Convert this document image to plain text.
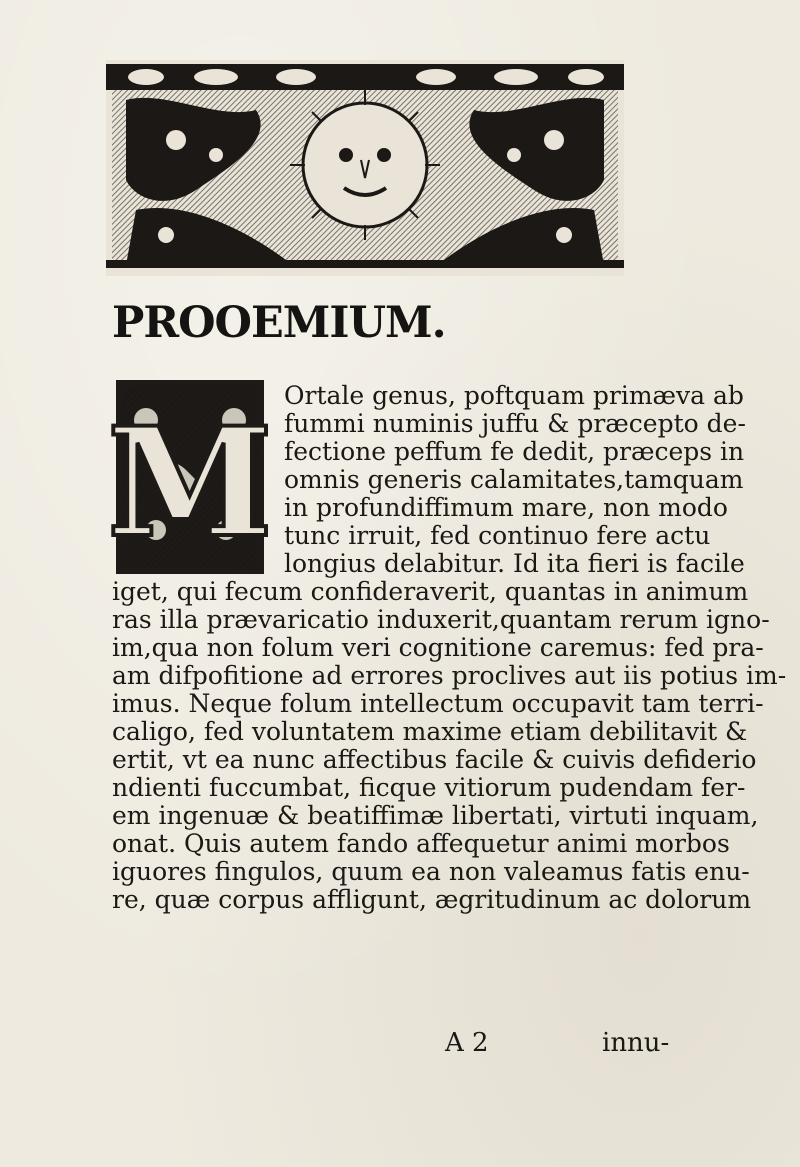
PROOEMIUM.
M Ortale genus, poftquam primæva ab
fummi numinis juffu & præcepto de-
fectione peffum fe dedit, præceps in
omnis generis calamitates,tamquam
in profundiffimum mare, non modo
tunc irruit, fed continuo fere actu
longius delabitur. Id ita fieri is facile
iget, qui fecum confideraverit, quantas in animum
ras illa prævaricatio induxerit,quantam rerum igno-
im,qua non folum veri cognitione caremus: fed pra-
am difpofitione ad errores proclives aut iis potius im-
imus. Neque folum intellectum occupavit tam terri-
caligo, fed voluntatem maxime etiam debilitavit &
ertit, vt ea nunc affectibus facile & cuivis defiderio
ndienti fuccumbat, ficque vitiorum pudendam fer-
em ingenuæ & beatiffimæ libertati, virtuti inquam,
onat. Quis autem fando affequetur animi morbos
iguores fingulos, quum ea non valeamus fatis enu-
re, quæ corpus affligunt, ægritudinum ac dolorum
A 2	innu-
